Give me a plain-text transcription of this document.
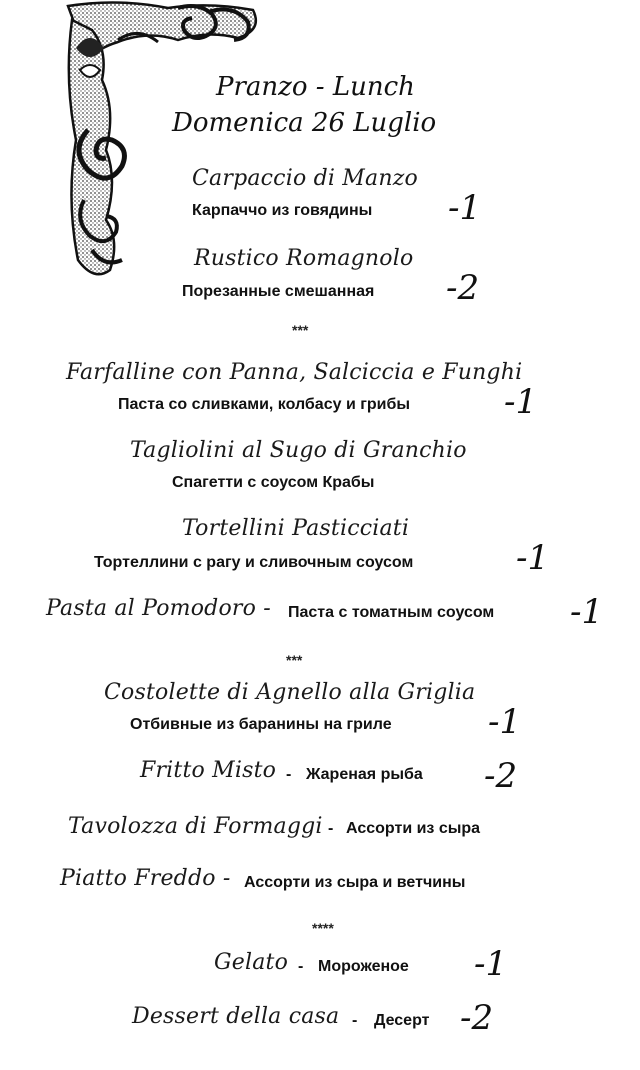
Pranzo - Lunch
Domenica 26 Luglio
Carpaccio di Manzo
Карпаччо из говядины -1
Rustico Romagnolo
Порезанные смешанная -2
***
Farfalline con Panna, Salciccia e Funghi
Паста со сливками, колбасу и грибы	-1
Tagliolini al Sugo di Granchio
Спагетти с соусом Крабы
Tortellini Pasticciati
Тортеллини с рагу и сливочным соусом	-1
Pasta al Pomodoro - Паста с томатным соусом -1
***
Costolette di Agnello alla Griglia
Отбивные из баранины на гриле	-1
Fritto Misto - Жареная рыба -2
Tavolozza di Formaggi - Ассорти из сыра
Piatto Freddo - Ассорти из сыра и ветчины
****
Gelato - Мороженое -1
Dessert della casa - Десерт -2
